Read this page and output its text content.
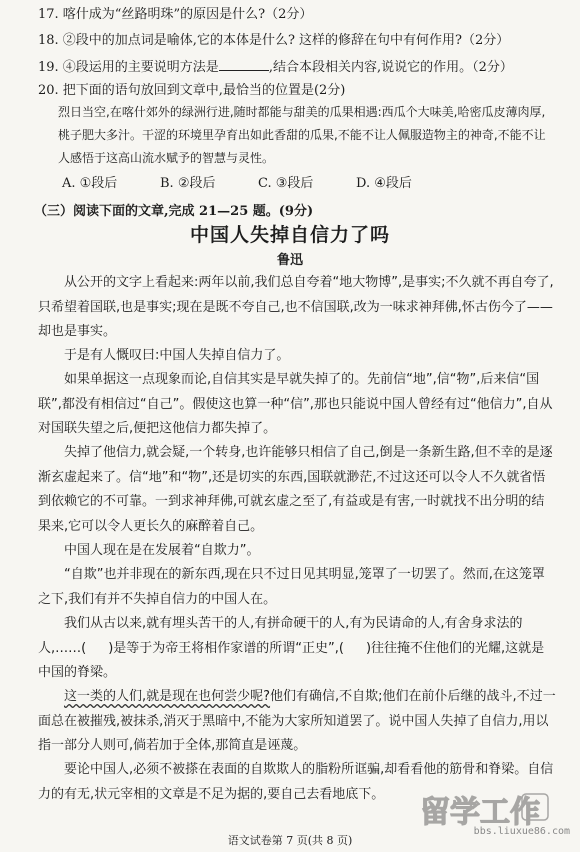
17. 喀什成为“丝路明珠”的原因是什么?（2分）
18. ②段中的加点词是喻体,它的本体是什么? 这样的修辞在句中有何作用?（2分）
19. ④段运用的主要说明方法是	,结合本段相关内容,说说它的作用。（2分）
20. 把下面的语句放回到文章中,最恰当的位置是(2分)
烈日当空,在喀什郊外的绿洲行进,随时都能与甜美的瓜果相遇:西瓜个大味美,哈密瓜皮薄肉厚,桃子肥大多汁。干涩的环境里孕育出如此香甜的瓜果,不能不让人佩服造物主的神奇,不能不让人感悟于这高山流水赋予的智慧与灵性。
A. ①段后	B. ②段后	C. ③段后	D. ④段后
（三）阅读下面的文章,完成 21—25 题。(9分)
中国人失掉自信力了吗
鲁迅
从公开的文字上看起来:两年以前,我们总自夸着“地大物博”,是事实;不久就不再自夸了,只希望着国联,也是事实;现在是既不夸自己,也不信国联,改为一味求神拜佛,怀古伤今了——却也是事实。
于是有人慨叹曰:中国人失掉自信力了。
如果单据这一点现象而论,自信其实是早就失掉了的。先前信“地”,信“物”,后来信“国联”,都没有相信过“自己”。假使这也算一种“信”,那也只能说中国人曾经有过“他信力”,自从对国联失望之后,便把这他信力都失掉了。
失掉了他信力,就会疑,一个转身,也许能够只相信了自己,倒是一条新生路,但不幸的是逐渐玄虚起来了。信“地”和“物”,还是切实的东西,国联就渺茫,不过这还可以令人不久就省悟到依赖它的不可靠。一到求神拜佛,可就玄虚之至了,有益或是有害,一时就找不出分明的结果来,它可以令人更长久的麻醉着自己。
中国人现在是在发展着“自欺力”。
“自欺”也并非现在的新东西,现在只不过日见其明显,笼罩了一切罢了。然而,在这笼罩之下,我们有并不失掉自信力的中国人在。
我们从古以来,就有埋头苦干的人,有拼命硬干的人,有为民请命的人,有舍身求法的人,……( )是等于为帝王将相作家谱的所谓“正史”,( )往往掩不住他们的光耀,这就是中国的脊梁。
这一类的人们,就是现在也何尝少呢?他们有确信,不自欺;他们在前仆后继的战斗,不过一面总在被摧残,被抹杀,消灭于黑暗中,不能为大家所知道罢了。说中国人失掉了自信力,用以指一部分人则可,倘若加于全体,那简直是诬蔑。
要论中国人,必须不被搽在表面的自欺欺人的脂粉所诓骗,却看看他的筋骨和脊梁。自信力的有无,状元宰相的文章是不足为据的,要自己去看地底下。
语文试卷第 7 页(共 8 页)
留学工作
bbs.liuxue86.com
